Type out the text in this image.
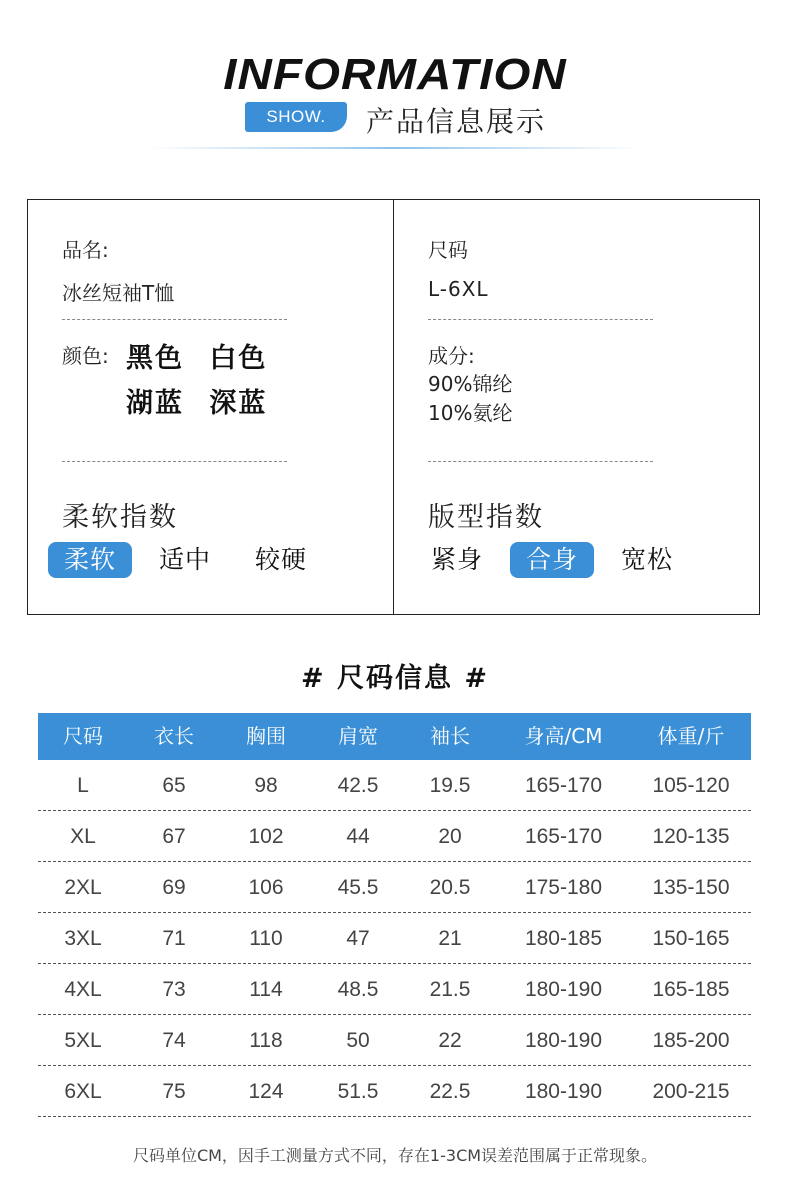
INFORMATION
SHOW.	产品信息展示
品名:
冰丝短袖T恤
颜色: 黑色 白色
湖蓝 深蓝
柔软指数
柔软	适中	较硬
尺码
L-6XL
成分:
90%锦纶
10%氨纶
版型指数
紧身	合身	宽松
# 尺码信息 #
尺码	衣长	胸围	肩宽	袖长	身高/CM	体重/斤
L	65	98	42.5	19.5	165-170	105-120
XL	67	102	44	20	165-170	120-135
2XL	69	106	45.5	20.5	175-180	135-150
3XL	71	110	47	21	180-185	150-165
4XL	73	114	48.5	21.5	180-190	165-185
5XL	74	118	50	22	180-190	185-200
6XL	75	124	51.5	22.5	180-190	200-215
尺码单位CM，因手工测量方式不同，存在1-3CM误差范围属于正常现象。
